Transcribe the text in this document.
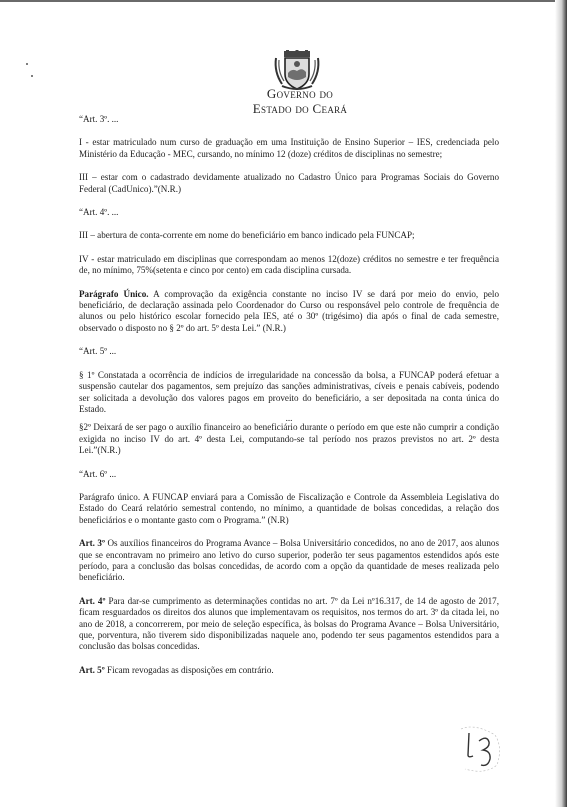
GOVERNO DO
ESTADO DO CEARÁ

“Art. 3º. ...

I - estar matriculado num curso de graduação em uma Instituição de Ensino Superior – IES, credenciada pelo Ministério da Educação - MEC, cursando, no mínimo 12 (doze) créditos de disciplinas no semestre;

III – estar com o cadastrado devidamente atualizado no Cadastro Único para Programas Sociais do Governo Federal (CadUnico).”(N.R.)

“Art. 4º. ...

III – abertura de conta-corrente em nome do beneficiário em banco indicado pela FUNCAP;

IV - estar matriculado em disciplinas que correspondam ao menos 12(doze) créditos no semestre e ter frequência de, no mínimo, 75%(setenta e cinco por cento) em cada disciplina cursada.

Parágrafo Único. A comprovação da exigência constante no inciso IV se dará por meio do envio, pelo beneficiário, de declaração assinada pelo Coordenador do Curso ou responsável pelo controle de frequência de alunos ou pelo histórico escolar fornecido pela IES, até o 30º (trigésimo) dia após o final de cada semestre, observado o disposto no § 2º do art. 5º desta Lei.” (N.R.)

“Art. 5º ...

§ 1º Constatada a ocorrência de indícios de irregularidade na concessão da bolsa, a FUNCAP poderá efetuar a suspensão cautelar dos pagamentos, sem prejuízo das sanções administrativas, cíveis e penais cabíveis, podendo ser solicitada a devolução dos valores pagos em proveito do beneficiário, a ser depositada na conta única do Estado.

...

§2º Deixará de ser pago o auxílio financeiro ao beneficiário durante o período em que este não cumprir a condição exigida no inciso IV do art. 4º desta Lei, computando-se tal período nos prazos previstos no art. 2º desta Lei.”(N.R.)

“Art. 6º ...

Parágrafo único. A FUNCAP enviará para a Comissão de Fiscalização e Controle da Assembleia Legislativa do Estado do Ceará relatório semestral contendo, no mínimo, a quantidade de bolsas concedidas, a relação dos beneficiários e o montante gasto com o Programa.” (N.R)

Art. 3º Os auxílios financeiros do Programa Avance – Bolsa Universitário concedidos, no ano de 2017, aos alunos que se encontravam no primeiro ano letivo do curso superior, poderão ter seus pagamentos estendidos após este período, para a conclusão das bolsas concedidas, de acordo com a opção da quantidade de meses realizada pelo beneficiário.

Art. 4º Para dar-se cumprimento as determinações contidas no art. 7º da Lei nº16.317, de 14 de agosto de 2017, ficam resguardados os direitos dos alunos que implementavam os requisitos, nos termos do art. 3º da citada lei, no ano de 2018, a concorrerem, por meio de seleção específica, às bolsas do Programa Avance – Bolsa Universitário, que, porventura, não tiverem sido disponibilizadas naquele ano, podendo ter seus pagamentos estendidos para a conclusão das bolsas concedidas.

Art. 5º Ficam revogadas as disposições em contrário.
